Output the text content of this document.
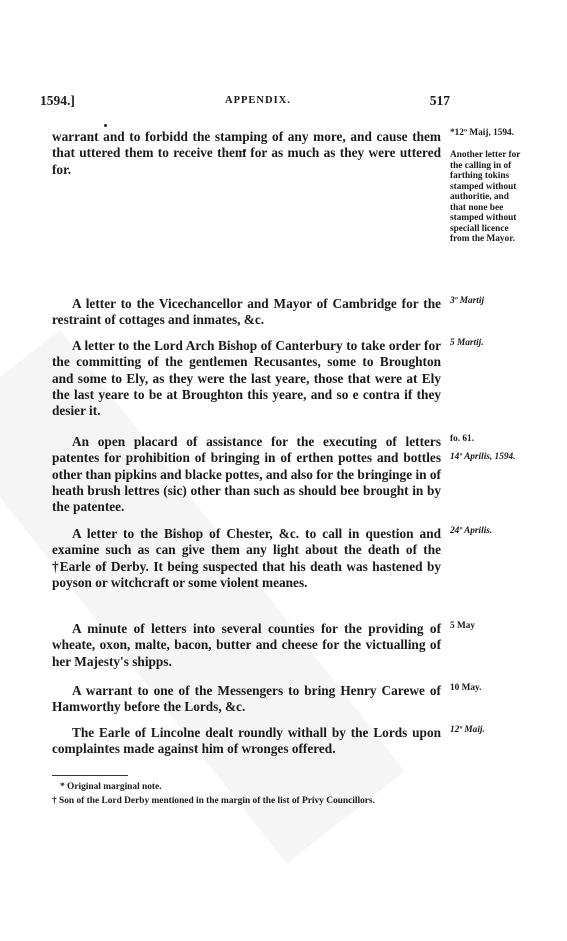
1594.]	APPENDIX.	517

warrant and to forbidd the stamping of any more, and cause them that uttered them to receive them for as much as they were uttered for.

*12º Maij, 1594.
Another letter for the calling in of farthing tokins stamped without authoritie, and that none bee stamped without speciall licence from the Mayor.

A letter to the Vicechancellor and Mayor of Cambridge for the restraint of cottages and inmates, &c.

3º Martij

A letter to the Lord Arch Bishop of Canterbury to take order for the committing of the gentlemen Recusantes, some to Broughton and some to Ely, as they were the last yeare, those that were at Ely the last yeare to be at Broughton this yeare, and so e contra if they desier it.

5 Martij.

An open placard of assistance for the executing of letters patentes for prohibition of bringing in of erthen pottes and bottles other than pipkins and blacke pottes, and also for the bringinge in of heath brush lettres (sic) other than such as should bee brought in by the patentee.

fo. 61.
14º Aprilis, 1594.

A letter to the Bishop of Chester, &c. to call in question and examine such as can give them any light about the death of the †Earle of Derby. It being suspected that his death was hastened by poyson or witchcraft or some violent meanes.

24º Aprilis.

A minute of letters into several counties for the providing of wheate, oxon, malte, bacon, butter and cheese for the victualling of her Majesty's shipps.

5 May

A warrant to one of the Messengers to bring Henry Carewe of Hamworthy before the Lords, &c.

10 May.

The Earle of Lincolne dealt roundly withall by the Lords upon complaintes made against him of wronges offered.

12º Maij.
* Original marginal note.
† Son of the Lord Derby mentioned in the margin of the list of Privy Councillors.
